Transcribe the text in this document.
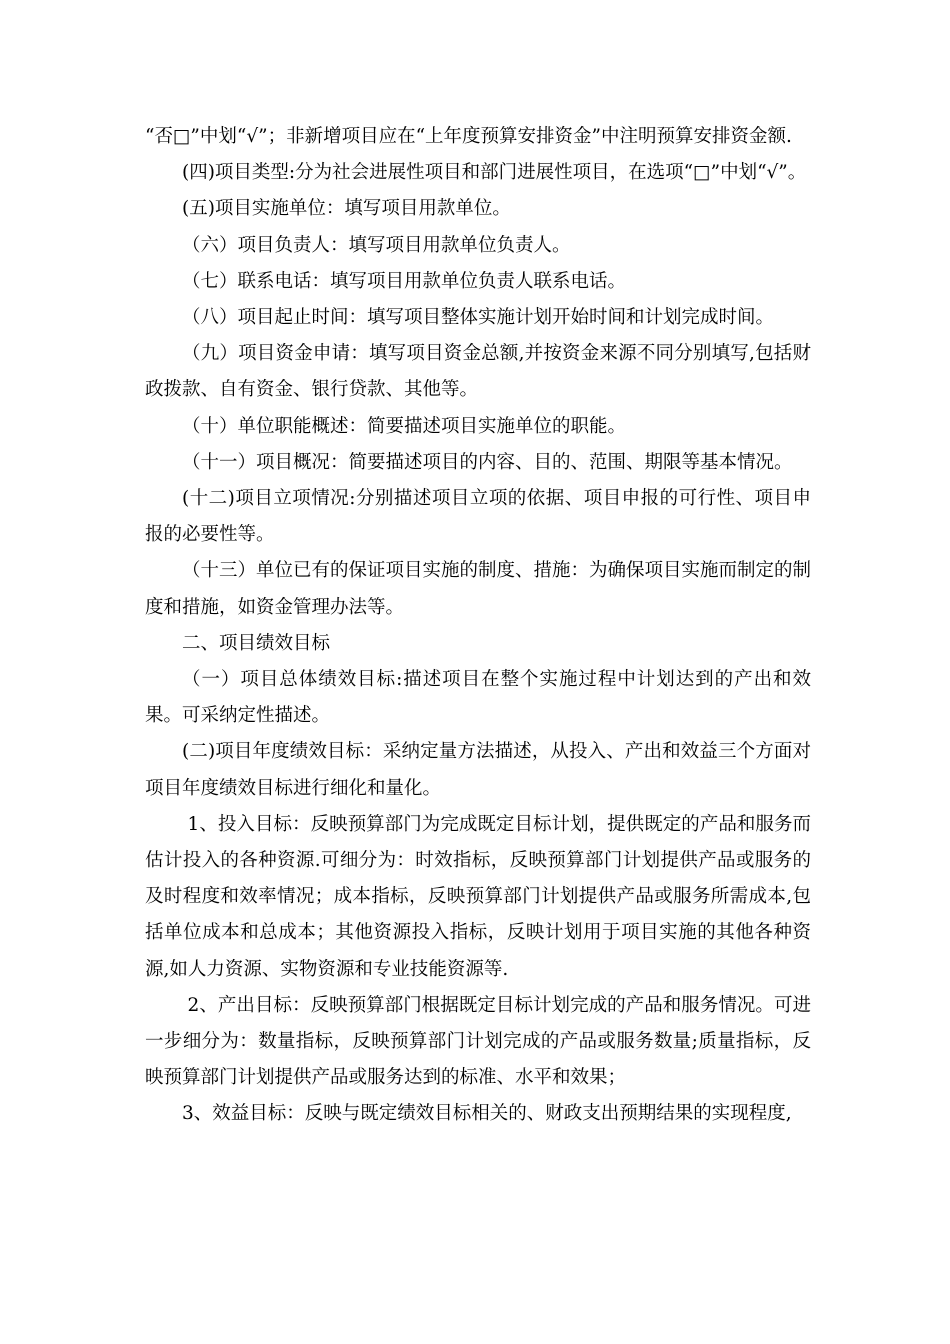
“否□”中划“√”；非新增项目应在“上年度预算安排资金”中注明预算安排资金额.

(四)项目类型:分为社会进展性项目和部门进展性项目，在选项“□”中划“√”。

(五)项目实施单位：填写项目用款单位。

（六）项目负责人：填写项目用款单位负责人。

（七）联系电话：填写项目用款单位负责人联系电话。

（八）项目起止时间：填写项目整体实施计划开始时间和计划完成时间。

（九）项目资金申请：填写项目资金总额,并按资金来源不同分别填写,包括财政拨款、自有资金、银行贷款、其他等。

（十）单位职能概述：简要描述项目实施单位的职能。

（十一）项目概况：简要描述项目的内容、目的、范围、期限等基本情况。

(十二)项目立项情况:分别描述项目立项的依据、项目申报的可行性、项目申报的必要性等。

（十三）单位已有的保证项目实施的制度、措施：为确保项目实施而制定的制度和措施，如资金管理办法等。

二、项目绩效目标

（一）项目总体绩效目标:描述项目在整个实施过程中计划达到的产出和效果。可采纳定性描述。

(二)项目年度绩效目标：采纳定量方法描述，从投入、产出和效益三个方面对项目年度绩效目标进行细化和量化。

1、投入目标：反映预算部门为完成既定目标计划，提供既定的产品和服务而估计投入的各种资源.可细分为：时效指标，反映预算部门计划提供产品或服务的及时程度和效率情况；成本指标，反映预算部门计划提供产品或服务所需成本,包括单位成本和总成本；其他资源投入指标，反映计划用于项目实施的其他各种资源,如人力资源、实物资源和专业技能资源等.

2、产出目标：反映预算部门根据既定目标计划完成的产品和服务情况。可进一步细分为：数量指标，反映预算部门计划完成的产品或服务数量;质量指标，反映预算部门计划提供产品或服务达到的标准、水平和效果；

3、效益目标：反映与既定绩效目标相关的、财政支出预期结果的实现程度,
